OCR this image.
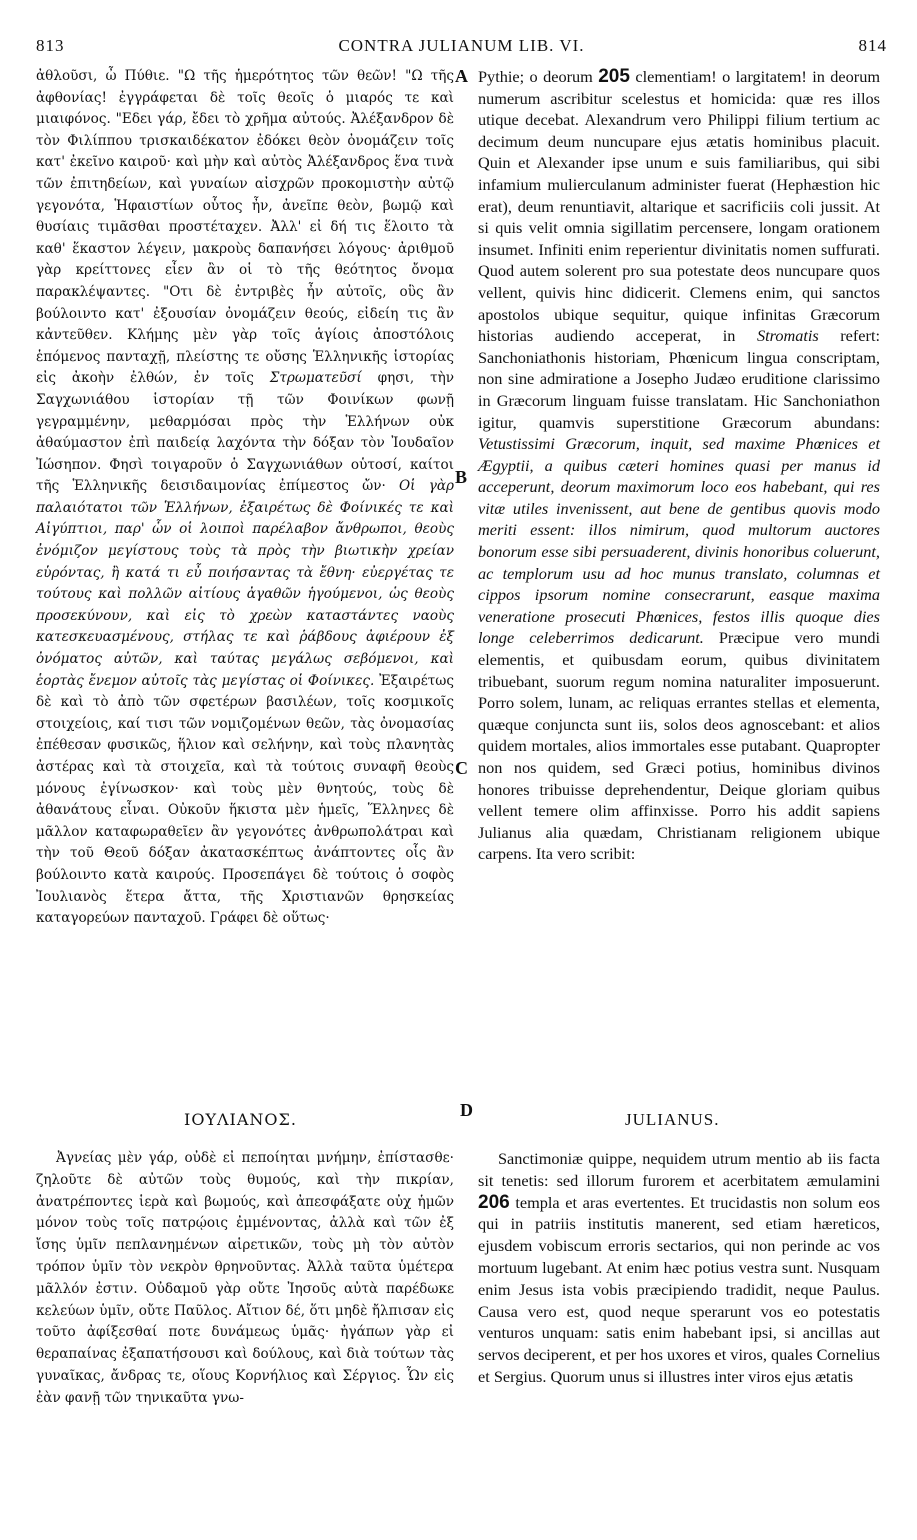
813	CONTRA JULIANUM LIB. VI.	814
A
B
C
D

ἀθλοῦσι, ὦ Πύθιε. "Ω τῆς ἡμερότητος τῶν θεῶν! "Ω τῆς ἀφθονίας! ἐγγράφεται δὲ τοῖς θεοῖς ὁ μιαρός τε καὶ μιαιφόνος. "Εδει γάρ, ἔδει τὸ χρῆμα αὐτούς. Ἀλέξανδρον δὲ τὸν Φιλίππου τρισκαιδέκατον ἐδόκει θεὸν ὀνομάζειν τοῖς κατ' ἐκεῖνο καιροῦ· καὶ μὴν καὶ αὐτὸς Ἀλέξανδρος ἕνα τινὰ τῶν ἐπιτηδείων, καὶ γυναίων αἰσχρῶν προκομιστὴν αὐτῷ γεγονότα, Ἡφαιστίων οὗτος ἦν, ἀνεῖπε θεὸν, βωμῷ καὶ θυσίαις τιμᾶσθαι προστέταχεν. Ἀλλ' εἰ δή τις ἕλοιτο τὰ καθ' ἕκαστον λέγειν, μακροὺς δαπανήσει λόγους· ἀριθμοῦ γὰρ κρείττονες εἶεν ἂν οἱ τὸ τῆς θεότητος ὄνομα παρακλέψαντες. "Οτι δὲ ἐντριβὲς ἦν αὐτοῖς, οὓς ἂν βούλοιντο κατ' ἐξουσίαν ὀνομάζειν θεούς, εἰδείη τις ἂν κἀντεῦθεν. Κλήμης μὲν γὰρ τοῖς ἁγίοις ἀποστόλοις ἑπόμενος πανταχῇ, πλείστης τε οὔσης Ἑλληνικῆς ἱστορίας εἰς ἀκοὴν ἐλθών, ἐν τοῖς Στρωματεῦσί φησι, τὴν Σαγχωνιάθου ἱστορίαν τῇ τῶν Φοινίκων φωνῇ γεγραμμένην, μεθαρμόσαι πρὸς τὴν Ἑλλήνων οὐκ ἀθαύμαστον ἐπὶ παιδείᾳ λαχόντα τὴν δόξαν τὸν Ἰουδαῖον Ἰώσηπον. Φησὶ τοιγαροῦν ὁ Σαγχωνιάθων οὑτοσί, καίτοι τῆς Ἑλληνικῆς δεισιδαιμονίας ἐπίμεστος ὤν· Οἱ γὰρ παλαιότατοι τῶν Ἑλλήνων, ἐξαιρέτως δὲ Φοίνικές τε καὶ Αἰγύπτιοι, παρ' ὧν οἱ λοιποὶ παρέλαβον ἄνθρωποι, θεοὺς ἐνόμιζον μεγίστους τοὺς τὰ πρὸς τὴν βιωτικὴν χρείαν εὑρόντας, ἢ κατά τι εὖ ποιήσαντας τὰ ἔθνη· εὐεργέτας τε τούτους καὶ πολλῶν αἰτίους ἀγαθῶν ἡγούμενοι, ὡς θεοὺς προσεκύνουν, καὶ εἰς τὸ χρεὼν καταστάντες ναοὺς κατεσκευασμένους, στήλας τε καὶ ῥάβδους ἀφιέρουν ἐξ ὀνόματος αὐτῶν, καὶ ταύτας μεγάλως σεβόμενοι, καὶ ἑορτὰς ἔνεμον αὐτοῖς τὰς μεγίστας οἱ Φοίνικες. Ἐξαιρέτως δὲ καὶ τὸ ἀπὸ τῶν σφετέρων βασιλέων, τοῖς κοσμικοῖς στοιχείοις, καί τισι τῶν νομιζομένων θεῶν, τὰς ὀνομασίας ἐπέθεσαν φυσικῶς, ἥλιον καὶ σελήνην, καὶ τοὺς πλανητὰς ἀστέρας καὶ τὰ στοιχεῖα, καὶ τὰ τούτοις συναφῆ θεοὺς μόνους ἐγίνωσκον· καὶ τοὺς μὲν θνητούς, τοὺς δὲ ἀθανάτους εἶναι. Οὐκοῦν ἥκιστα μὲν ἡμεῖς, Ἕλληνες δὲ μᾶλλον καταφωραθεῖεν ἂν γεγονότες ἀνθρωπολάτραι καὶ τὴν τοῦ Θεοῦ δόξαν ἀκατασκέπτως ἀνάπτοντες οἷς ἂν βούλοιντο κατὰ καιρούς. Προσεπάγει δὲ τούτοις ὁ σοφὸς Ἰουλιανὸς ἕτερα ἄττα, τῆς Χριστιανῶν θρησκείας καταγορεύων πανταχοῦ. Γράφει δὲ οὕτως·

Pythie; o deorum 205 clementiam! o largitatem! in deorum numerum ascribitur scelestus et homicida: quæ res illos utique decebat. Alexandrum vero Philippi filium tertium ac decimum deum nuncupare ejus ætatis hominibus placuit. Quin et Alexander ipse unum e suis familiaribus, qui sibi infamium mulierculanum administer fuerat (Hephæstion hic erat), deum renuntiavit, altarique et sacrificiis coli jussit. At si quis velit omnia sigillatim percensere, longam orationem insumet. Infiniti enim reperientur divinitatis nomen suffurati. Quod autem solerent pro sua potestate deos nuncupare quos vellent, quivis hinc didicerit. Clemens enim, qui sanctos apostolos ubique sequitur, quique infinitas Græcorum historias audiendo acceperat, in Stromatis refert: Sanchoniathonis historiam, Phœnicum lingua conscriptam, non sine admiratione a Josepho Judæo eruditione clarissimo in Græcorum linguam fuisse translatam. Hic Sanchoniathon igitur, quamvis superstitione Græcorum abundans: Vetustissimi Græcorum, inquit, sed maxime Phœnices et Ægyptii, a quibus cæteri homines quasi per manus id acceperunt, deorum maximorum loco eos habebant, qui res vitæ utiles invenissent, aut bene de gentibus quovis modo meriti essent: illos nimirum, quod multorum auctores bonorum esse sibi persuaderent, divinis honoribus coluerunt, ac templorum usu ad hoc munus translato, columnas et cippos ipsorum nomine consecrarunt, easque maxima veneratione prosecuti Phœnices, festos illis quoque dies longe celeberrimos dedicarunt. Præcipue vero mundi elementis, et quibusdam eorum, quibus divinitatem tribuebant, suorum regum nomina naturaliter imposuerunt. Porro solem, lunam, ac reliquas errantes stellas et elementa, quæque conjuncta sunt iis, solos deos agnoscebant: et alios quidem mortales, alios immortales esse putabant. Quapropter non nos quidem, sed Græci potius, hominibus divinos honores tribuisse deprehendentur, Deique gloriam quibus vellent temere olim affinxisse. Porro his addit sapiens Julianus alia quædam, Christianam religionem ubique carpens. Ita vero scribit:

ΙΟΥΛΙΑΝΟΣ.	JULIANUS.

Ἀγνείας μὲν γάρ, οὐδὲ εἰ πεποίηται μνήμην, ἐπίστασθε· ζηλοῦτε δὲ αὐτῶν τοὺς θυμούς, καὶ τὴν πικρίαν, ἀνατρέποντες ἱερὰ καὶ βωμούς, καὶ ἀπεσφάξατε οὐχ ἡμῶν μόνον τοὺς τοῖς πατρῴοις ἐμμένοντας, ἀλλὰ καὶ τῶν ἐξ ἴσης ὑμῖν πεπλανημένων αἱρετικῶν, τοὺς μὴ τὸν αὐτὸν τρόπον ὑμῖν τὸν νεκρὸν θρηνοῦντας. Ἀλλὰ ταῦτα ὑμέτερα μᾶλλόν ἐστιν. Οὐδαμοῦ γὰρ οὔτε Ἰησοῦς αὐτὰ παρέδωκε κελεύων ὑμῖν, οὔτε Παῦλος. Αἴτιον δέ, ὅτι μηδὲ ἤλπισαν εἰς τοῦτο ἀφίξεσθαί ποτε δυνάμεως ὑμᾶς· ἠγάπων γὰρ εἰ θεραπαίνας ἐξαπατήσουσι καὶ δούλους, καὶ διὰ τούτων τὰς γυναῖκας, ἄνδρας τε, οἵους Κορνήλιος καὶ Σέργιος. Ὧν εἰς ἐὰν φανῇ τῶν τηνικαῦτα γνω-

Sanctimoniæ quippe, nequidem utrum mentio ab iis facta sit tenetis: sed illorum furorem et acerbitatem æmulamini 206 templa et aras evertentes. Et trucidastis non solum eos qui in patriis institutis manerent, sed etiam hæreticos, ejusdem vobiscum erroris sectarios, qui non perinde ac vos mortuum lugebant. At enim hæc potius vestra sunt. Nusquam enim Jesus ista vobis præcipiendo tradidit, neque Paulus. Causa vero est, quod neque sperarunt vos eo potestatis venturos unquam: satis enim habebant ipsi, si ancillas aut servos deciperent, et per hos uxores et viros, quales Cornelius et Sergius. Quorum unus si illustres inter viros ejus ætatis
